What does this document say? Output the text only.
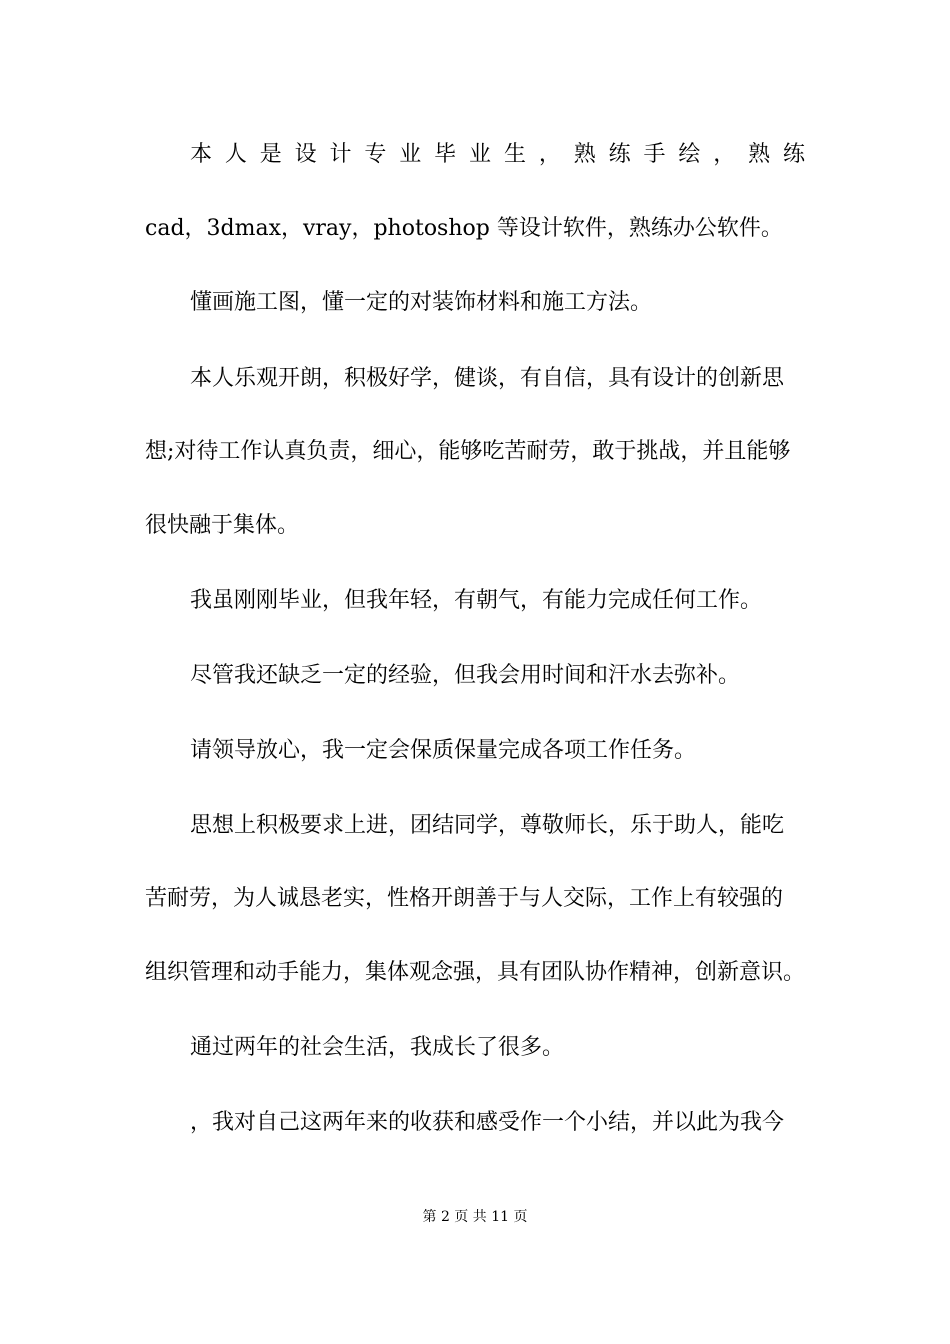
本 人 是 设 计 专 业 毕 业 生 ， 熟 练 手 绘 ， 熟 练
cad，3dmax，vray，photoshop 等设计软件，熟练办公软件。
懂画施工图，懂一定的对装饰材料和施工方法。
本人乐观开朗，积极好学，健谈，有自信，具有设计的创新思
想;对待工作认真负责，细心，能够吃苦耐劳，敢于挑战，并且能够
很快融于集体。
我虽刚刚毕业，但我年轻，有朝气，有能力完成任何工作。
尽管我还缺乏一定的经验，但我会用时间和汗水去弥补。
请领导放心，我一定会保质保量完成各项工作任务。
思想上积极要求上进，团结同学，尊敬师长，乐于助人，能吃
苦耐劳，为人诚恳老实，性格开朗善于与人交际，工作上有较强的
组织管理和动手能力，集体观念强，具有团队协作精神，创新意识。
通过两年的社会生活，我成长了很多。
，我对自己这两年来的收获和感受作一个小结，并以此为我今
第 2 页 共 11 页
